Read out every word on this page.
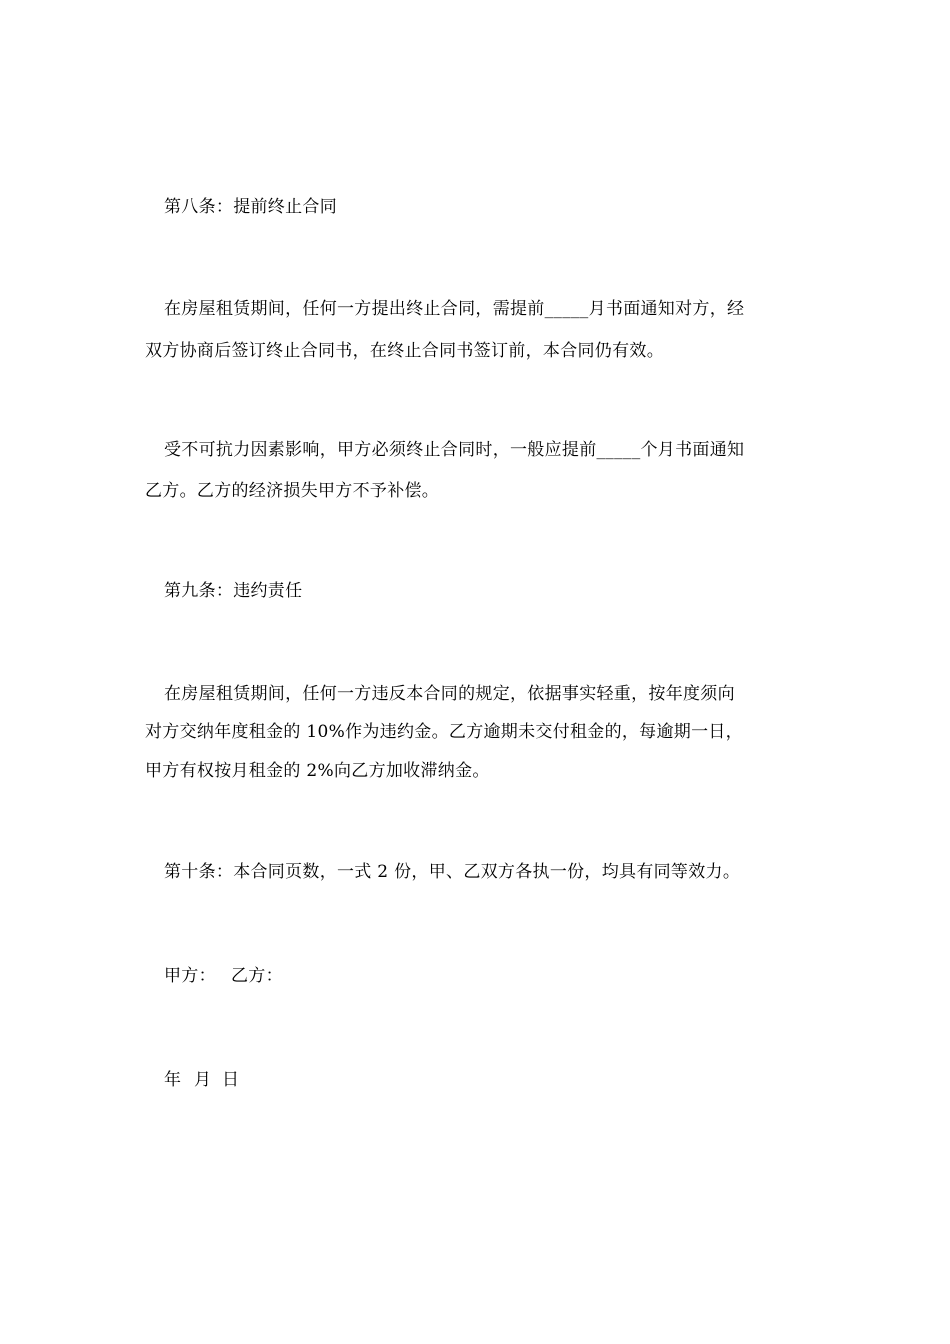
第八条：提前终止合同
在房屋租赁期间，任何一方提出终止合同，需提前_____月书面通知对方，经
双方协商后签订终止合同书，在终止合同书签订前，本合同仍有效。
受不可抗力因素影响，甲方必须终止合同时，一般应提前_____个月书面通知
乙方。乙方的经济损失甲方不予补偿。
第九条：违约责任
在房屋租赁期间，任何一方违反本合同的规定，依据事实轻重，按年度须向
对方交纳年度租金的 10%作为违约金。乙方逾期未交付租金的，每逾期一日，
甲方有权按月租金的 2%向乙方加收滞纳金。
第十条：本合同页数，一式 2 份，甲、乙双方各执一份，均具有同等效力。
甲方： 乙方：
年 月 日
